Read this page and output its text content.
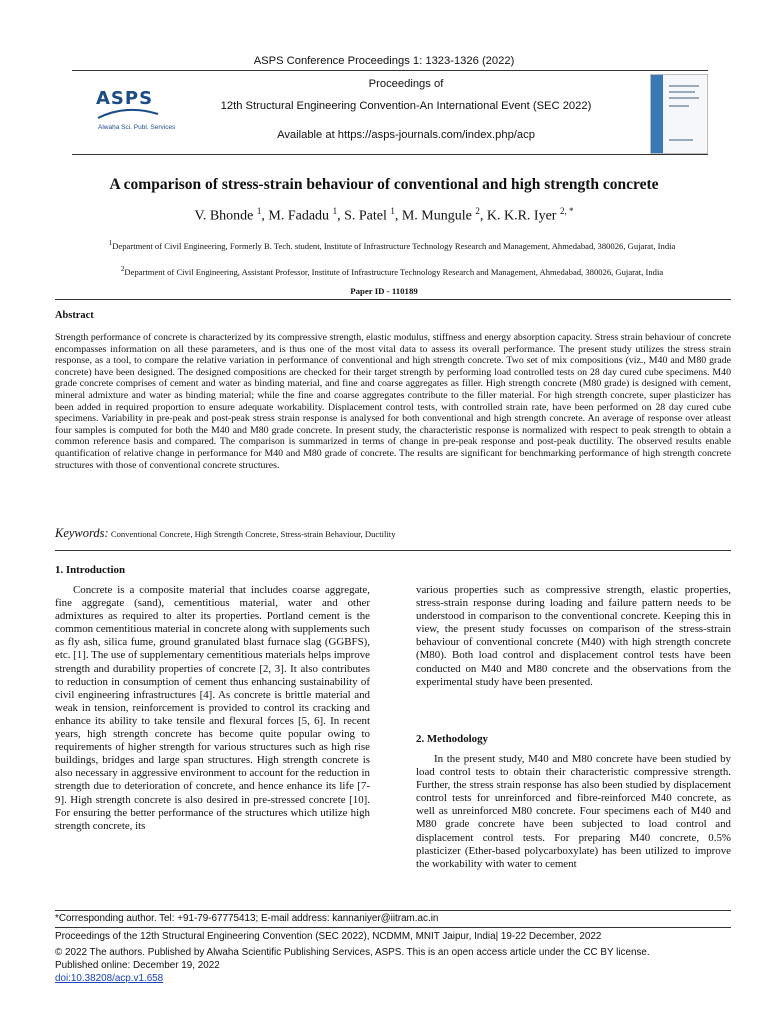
ASPS Conference Proceedings 1: 1323-1326 (2022)
ASPS
Alwaha Sci. Publ. Services
Proceedings of
12th Structural Engineering Convention-An International Event (SEC 2022)
Available at https://asps-journals.com/index.php/acp
A comparison of stress-strain behaviour of conventional and high strength concrete
V. Bhonde $^1$, M. Fadadu $^1$, S. Patel $^1$, M. Mungule $^2$, K. K.R. Iyer $^{2, *}$
$^1$Department of Civil Engineering, Formerly B. Tech. student, Institute of Infrastructure Technology Research and Management, Ahmedabad, 380026, Gujarat, India
$^2$Department of Civil Engineering, Assistant Professor, Institute of Infrastructure Technology Research and Management, Ahmedabad, 380026, Gujarat, India
Paper ID - 110189
Abstract
Strength performance of concrete is characterized by its compressive strength, elastic modulus, stiffness and energy absorption capacity. Stress strain behaviour of concrete encompasses information on all these parameters, and is thus one of the most vital data to assess its overall performance. The present study utilizes the stress strain response, as a tool, to compare the relative variation in performance of conventional and high strength concrete. Two set of mix compositions (viz., M40 and M80 grade concrete) have been designed. The designed compositions are checked for their target strength by performing load controlled tests on 28 day cured cube specimens. M40 grade concrete comprises of cement and water as binding material, and fine and coarse aggregates as filler. High strength concrete (M80 grade) is designed with cement, mineral admixture and water as binding material; while the fine and coarse aggregates contribute to the filler material. For high strength concrete, super plasticizer has been added in required proportion to ensure adequate workability. Displacement control tests, with controlled strain rate, have been performed on 28 day cured cube specimens. Variability in pre-peak and post-peak stress strain response is analysed for both conventional and high strength concrete. An average of response over atleast four samples is computed for both the M40 and M80 grade concrete. In present study, the characteristic response is normalized with respect to peak strength to obtain a common reference basis and compared. The comparison is summarized in terms of change in pre-peak response and post-peak ductility. The observed results enable quantification of relative change in performance for M40 and M80 grade of concrete. The results are significant for benchmarking performance of high strength concrete structures with those of conventional concrete structures.
Keywords: Conventional Concrete, High Strength Concrete, Stress-strain Behaviour, Ductility
1. Introduction

Concrete is a composite material that includes coarse aggregate, fine aggregate (sand), cementitious material, water and other admixtures as required to alter its properties. Portland cement is the common cementitious material in concrete along with supplements such as fly ash, silica fume, ground granulated blast furnace slag (GGBFS), etc. [1]. The use of supplementary cementitious materials helps improve strength and durability properties of concrete [2, 3]. It also contributes to reduction in consumption of cement thus enhancing sustainability of civil engineering infrastructures [4]. As concrete is brittle material and weak in tension, reinforcement is provided to control its cracking and enhance its ability to take tensile and flexural forces [5, 6]. In recent years, high strength concrete has become quite popular owing to requirements of higher strength for various structures such as high rise buildings, bridges and large span structures. High strength concrete is also necessary in aggressive environment to account for the reduction in strength due to deterioration of concrete, and hence enhance its life [7-9]. High strength concrete is also desired in pre-stressed concrete [10]. For ensuring the better performance of the structures which utilize high strength concrete, its

various properties such as compressive strength, elastic properties, stress-strain response during loading and failure pattern needs to be understood in comparison to the conventional concrete. Keeping this in view, the present study focusses on comparison of the stress-strain behaviour of conventional concrete (M40) with high strength concrete (M80). Both load control and displacement control tests have been conducted on M40 and M80 concrete and the observations from the experimental study have been presented.

2. Methodology

In the present study, M40 and M80 concrete have been studied by load control tests to obtain their characteristic compressive strength. Further, the stress strain response has also been studied by displacement control tests for unreinforced and fibre-reinforced M40 concrete, as well as unreinforced M80 concrete. Four specimens each of M40 and M80 grade concrete have been subjected to load control and displacement control tests. For preparing M40 concrete, 0.5% plasticizer (Ether-based polycarboxylate) has been utilized to improve the workability with water to cement

*Corresponding author. Tel: +91-79-67775413; E-mail address: kannaniyer@iitram.ac.in
Proceedings of the 12th Structural Engineering Convention (SEC 2022), NCDMM, MNIT Jaipur, India| 19-22 December, 2022
© 2022 The authors. Published by Alwaha Scientific Publishing Services, ASPS. This is an open access article under the CC BY license.
Published online: December 19, 2022
doi:10.38208/acp.v1.658
